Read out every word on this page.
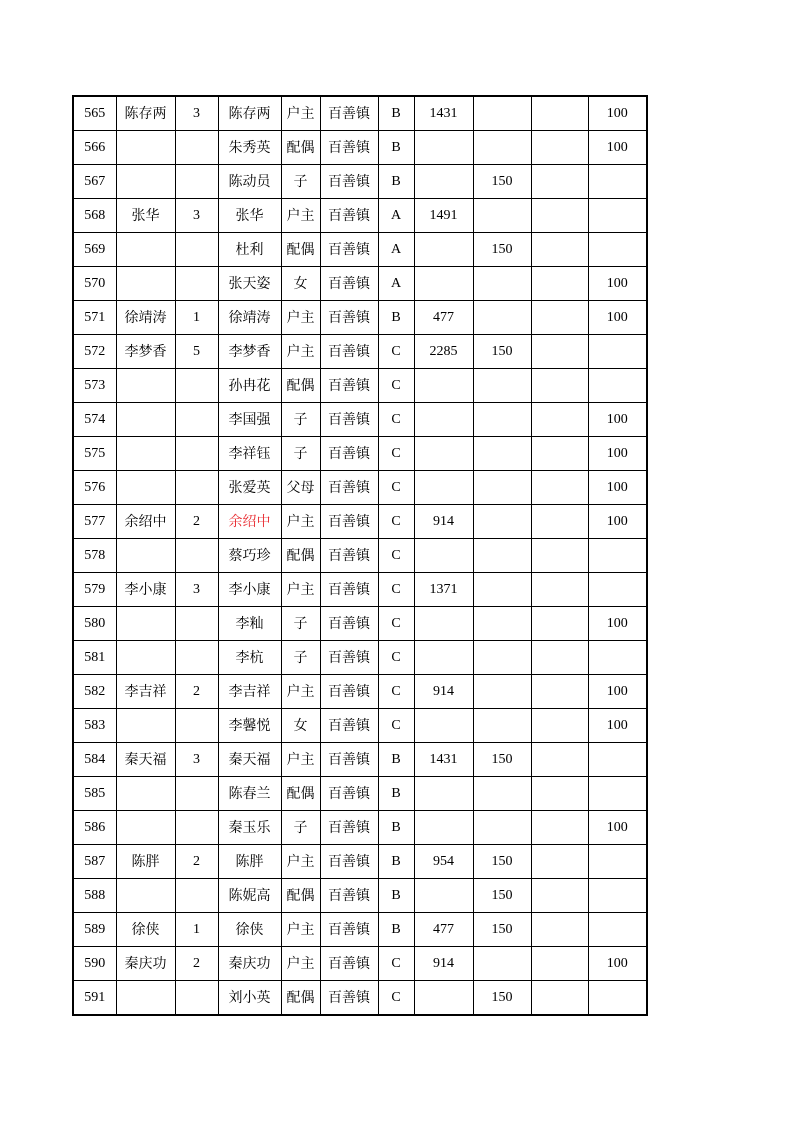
565	陈存两	3	陈存两	户主	百善镇	B	1431			100
566			朱秀英	配偶	百善镇	B				100
567			陈动员	子	百善镇	B		150		
568	张华	3	张华	户主	百善镇	A	1491			
569			杜利	配偶	百善镇	A		150		
570			张天姿	女	百善镇	A				100
571	徐靖涛	1	徐靖涛	户主	百善镇	B	477			100
572	李梦香	5	李梦香	户主	百善镇	C	2285	150		
573			孙冉花	配偶	百善镇	C				
574			李国强	子	百善镇	C				100
575			李祥钰	子	百善镇	C				100
576			张爱英	父母	百善镇	C				100
577	余绍中	2	余绍中	户主	百善镇	C	914			100
578			蔡巧珍	配偶	百善镇	C				
579	李小康	3	李小康	户主	百善镇	C	1371			
580			李籼	子	百善镇	C				100
581			李杭	子	百善镇	C				
582	李吉祥	2	李吉祥	户主	百善镇	C	914			100
583			李馨悦	女	百善镇	C				100
584	秦天福	3	秦天福	户主	百善镇	B	1431	150		
585			陈春兰	配偶	百善镇	B				
586			秦玉乐	子	百善镇	B				100
587	陈胖	2	陈胖	户主	百善镇	B	954	150		
588			陈妮高	配偶	百善镇	B		150		
589	徐侠	1	徐侠	户主	百善镇	B	477	150		
590	秦庆功	2	秦庆功	户主	百善镇	C	914			100
591			刘小英	配偶	百善镇	C		150		
